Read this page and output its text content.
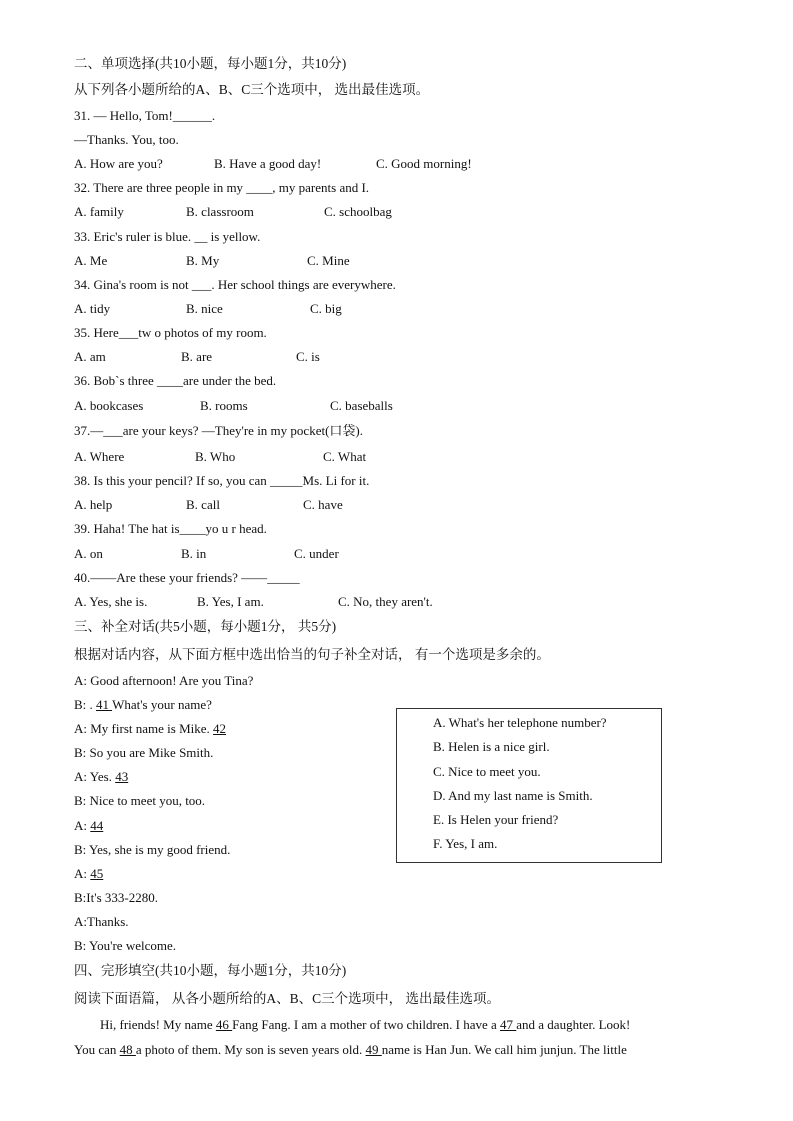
二、单项选择(共10小题，每小题1分，共10分)
从下列各小题所给的A、B、C三个选项中， 选出最佳选项。
31. — Hello, Tom!______.
—Thanks. You, too.
A. How are you?	B. Have a good day!	C. Good morning!
32. There are three people in my ____, my parents and I.
A. family	B. classroom	C. schoolbag
33. Eric's ruler is blue. __ is yellow.
A. Me	B. My	C. Mine
34. Gina's room is not ___. Her school things are everywhere.
A. tidy	B. nice	C. big
35. Here___tw o photos of my room.
A. am	B. are	C. is
36. Bob`s three ____are under the bed.
A. bookcases	B. rooms	C. baseballs
37.—___are your keys? —They're in my pocket(口袋).
A. Where	B. Who	C. What
38. Is this your pencil? If so, you can _____Ms. Li for it.
A. help	B. call	C. have
39. Haha! The hat is____yo u r head.
A. on	B. in	C. under
40.——Are these your friends? ——_____
A. Yes, she is.	B. Yes, I am.	C. No, they aren't.
三、补全对话(共5小题，每小题1分， 共5分)
根据对话内容，从下面方框中选出恰当的句子补全对话， 有一个选项是多余的。
A: Good afternoon! Are you Tina?
B: . 41 What's your name?
A: My first name is Mike. 42
B: So you are Mike Smith.
A: Yes. 43
B: Nice to meet you, too.
A: 44
B: Yes, she is my good friend.
A: 45
B:It's 333-2280.
A:Thanks.
B: You're welcome.
A. What's her telephone number?
B. Helen is a nice girl.
C. Nice to meet you.
D. And my last name is Smith.
E. Is Helen your friend?
F. Yes, I am.
四、完形填空(共10小题，每小题1分，共10分)
阅读下面语篇， 从各小题所给的A、B、C三个选项中， 选出最佳选项。
Hi, friends! My name 46 Fang Fang. I am a mother of two children. I have a 47 and a daughter. Look!
You can 48 a photo of them. My son is seven years old. 49 name is Han Jun. We call him junjun. The little
